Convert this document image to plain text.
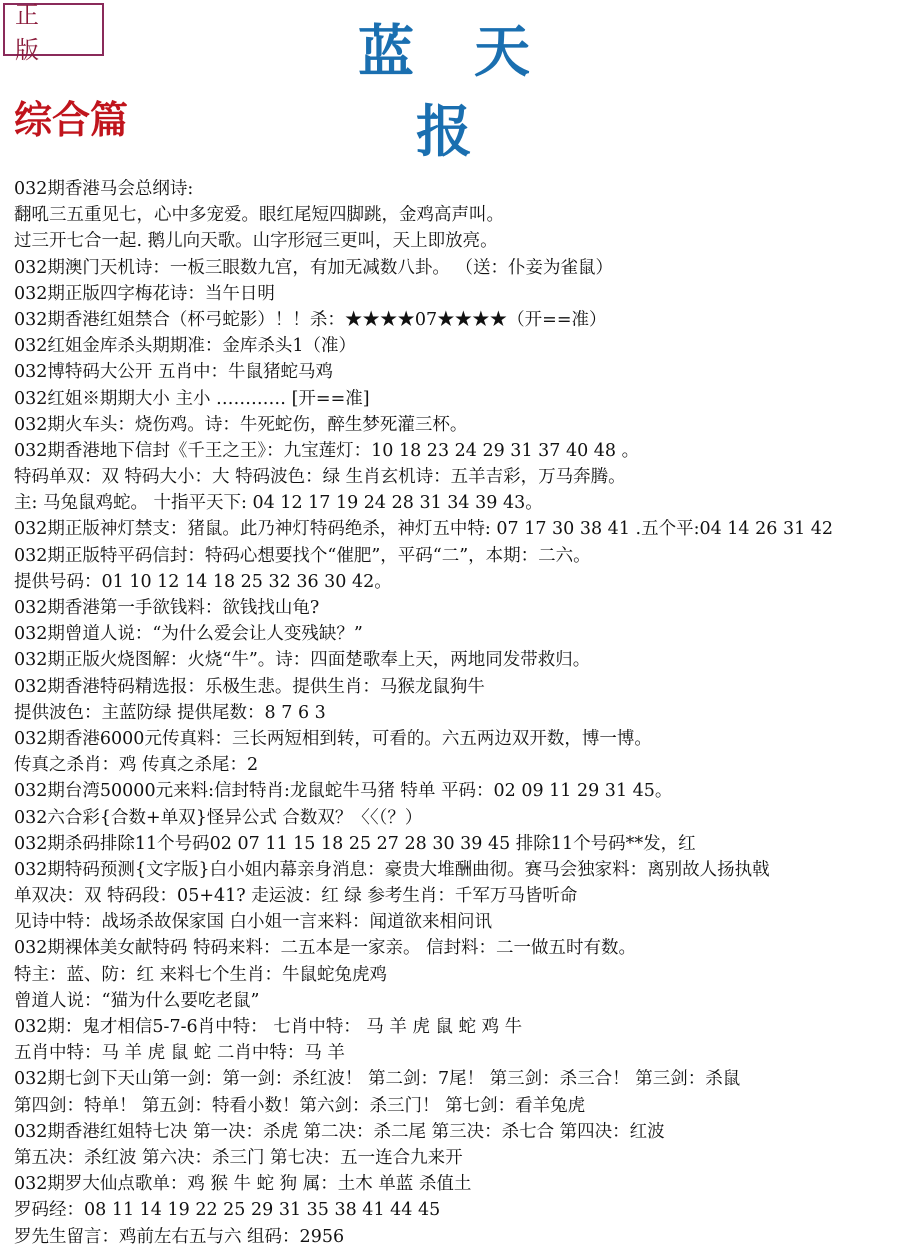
正 版	蓝天报
综合篇
032期香港马会总纲诗:
翻吼三五重见七，心中多宠爱。眼红尾短四脚跳，金鸡高声叫。
过三开七合一起. 鹅儿向天歌。山字形冠三更叫，天上即放亮。
032期澳门天机诗：一板三眼数九宫，有加无减数八卦。 （送：仆妾为雀鼠）
032期正版四字梅花诗：当午日明
032期香港红姐禁合（杯弓蛇影）！！杀：★★★★07★★★★（开==准）
032红姐金库杀头期期准：金库杀头1（准）
032博特码大公开 五肖中：牛鼠猪蛇马鸡
032红姐※期期大小 主小 ………… [开==准]
032期火车头：烧伤鸡。诗：牛死蛇伤，醉生梦死灌三杯。
032期香港地下信封《千王之王》：九宝莲灯：10 18 23 24 29 31 37 40 48 。
特码单双：双 特码大小：大 特码波色：绿 生肖玄机诗：五羊吉彩，万马奔腾。
主: 马兔鼠鸡蛇。 十指平天下: 04 12 17 19 24 28 31 34 39 43。
032期正版神灯禁支：猪鼠。此乃神灯特码绝杀，神灯五中特: 07 17 30 38 41 .五个平:04 14 26 31 42
032期正版特平码信封：特码心想要找个“催肥”，平码“二”，本期：二六。
提供号码：01 10 12 14 18 25 32 36 30 42。
032期香港第一手欲钱料：欲钱找山龟?
032期曾道人说：“为什么爱会让人变残缺？”
032期正版火烧图解：火烧“牛”。诗：四面楚歌奉上天，两地同发带救归。
032期香港特码精选报：乐极生悲。提供生肖：马猴龙鼠狗牛
提供波色：主蓝防绿 提供尾数：8 7 6 3
032期香港6000元传真料：三长两短相到转，可看的。六五两边双开数，博一博。
传真之杀肖：鸡 传真之杀尾：2
032期台湾50000元来料:信封特肖:龙鼠蛇牛马猪 特单 平码：02 09 11 29 31 45。
032六合彩{合数+单双}怪异公式 合数双？〈〈（？）
032期杀码排除11个号码02 07 11 15 18 25 27 28 30 39 45 排除11个号码**发，红
032期特码预测{文字版}白小姐内幕亲身消息：豪贵大堆酬曲彻。赛马会独家料：离别故人扬执戟
单双决：双 特码段：05+41? 走运波：红 绿 参考生肖：千军万马皆听命
见诗中特：战场杀故保家国 白小姐一言来料：闻道欲来相问讯
032期裸体美女献特码 特码来料：二五本是一家亲。 信封料：二一做五时有数。
特主：蓝、防：红 来料七个生肖：牛鼠蛇兔虎鸡
曾道人说：“猫为什么要吃老鼠”
032期：鬼才相信5-7-6肖中特： 七肖中特： 马 羊 虎 鼠 蛇 鸡 牛
五肖中特：马 羊 虎 鼠 蛇 二肖中特：马 羊
032期七剑下天山第一剑：第一剑：杀红波！ 第二剑：7尾！ 第三剑：杀三合！ 第三剑：杀鼠
第四剑：特单！ 第五剑：特看小数！第六剑：杀三门！ 第七剑：看羊兔虎
032期香港红姐特七决 第一决：杀虎 第二决：杀二尾 第三决：杀七合 第四决：红波
第五决：杀红波 第六决：杀三门 第七决：五一连合九来开
032期罗大仙点歌单：鸡 猴 牛 蛇 狗 属：土木 单蓝 杀值土
罗码经：08 11 14 19 22 25 29 31 35 38 41 44 45
罗先生留言：鸡前左右五与六 组码：2956
